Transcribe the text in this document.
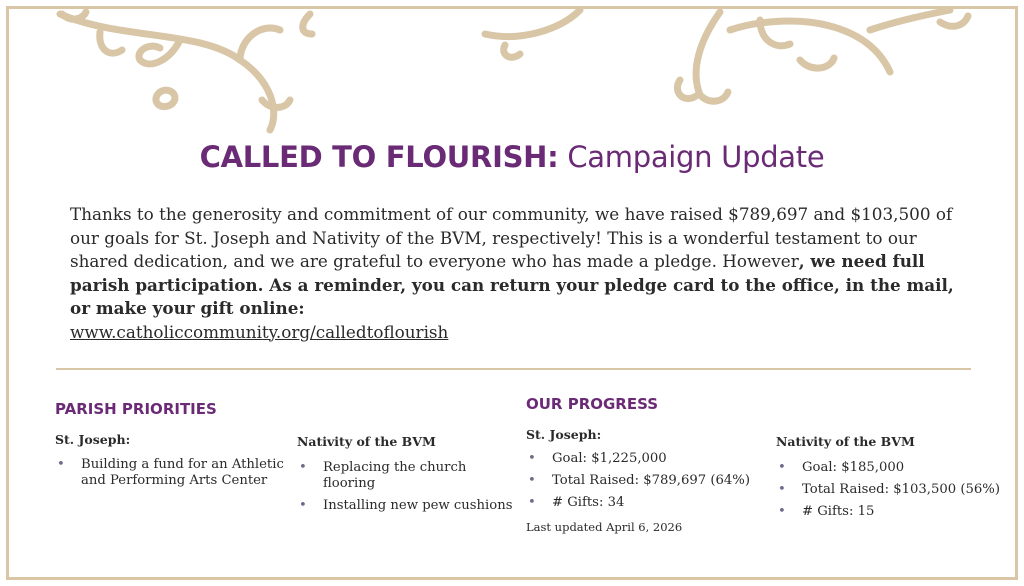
CALLED TO FLOURISH: Campaign Update
Thanks to the generosity and commitment of our community, we have raised $789,697 and $103,500 of our goals for St. Joseph and Nativity of the BVM, respectively! This is a wonderful testament to our shared dedication, and we are grateful to everyone who has made a pledge. However, we need full parish participation. As a reminder, you can return your pledge card to the office, in the mail, or make your gift online:
www.catholiccommunity.org/calledtoflourish
PARISH PRIORITIES
St. Joseph:
• Building a fund for an Athletic and Performing Arts Center
Nativity of the BVM
• Replacing the church flooring
• Installing new pew cushions
OUR PROGRESS
St. Joseph:
• Goal: $1,225,000
• Total Raised: $789,697 (64%)
• # Gifts: 34
Last updated April 6, 2026
Nativity of the BVM
• Goal: $185,000
• Total Raised: $103,500 (56%)
• # Gifts: 15
